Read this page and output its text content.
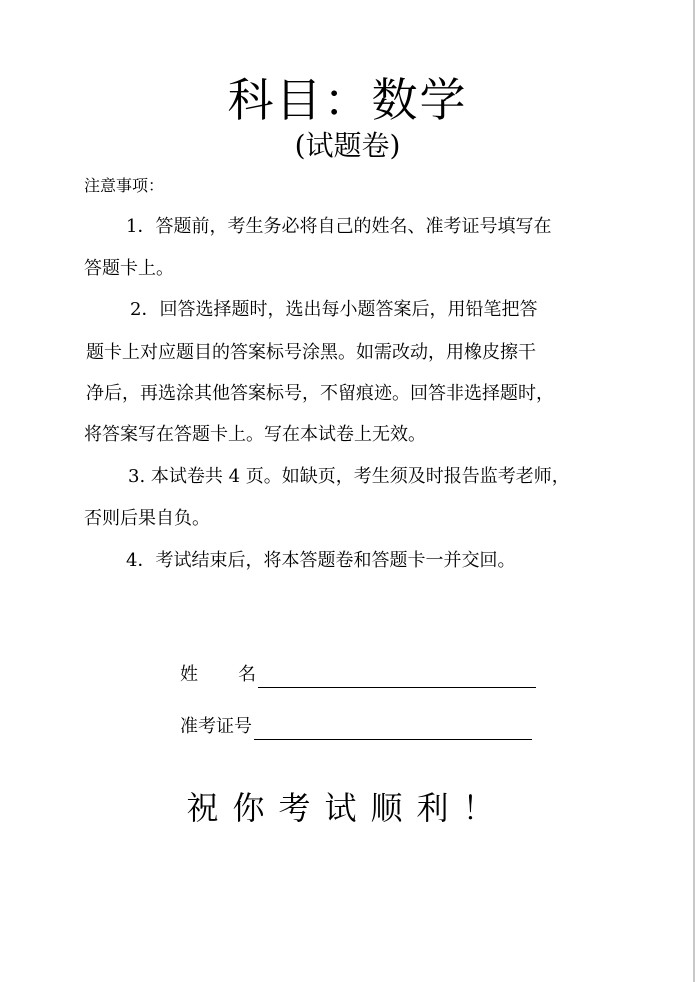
科目：数学
(试题卷)
注意事项：
1．答题前，考生务必将自己的姓名、准考证号填写在
答题卡上。
2．回答选择题时，选出每小题答案后，用铅笔把答
题卡上对应题目的答案标号涂黑。如需改动，用橡皮擦干
净后，再选涂其他答案标号，不留痕迹。回答非选择题时，
将答案写在答题卡上。写在本试卷上无效。
3. 本试卷共 4 页。如缺页，考生须及时报告监考老师，
否则后果自负。
4．考试结束后，将本答题卷和答题卡一并交回。
姓 名
准考证号
祝你考试顺利！
